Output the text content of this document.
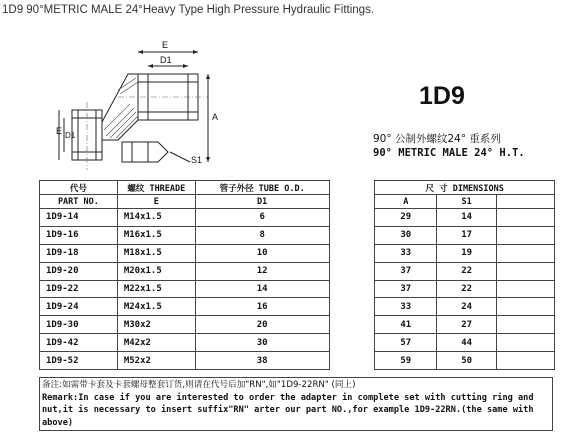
1D9 90°METRIC MALE 24°Heavy Type High Pressure Hydraulic Fittings.
E
D1
A
E D1
S1
1D9
90° 公制外螺纹24° 重系列
90° METRIC MALE 24° H.T.
代号	螺纹 THREADE	管子外径 TUBE O.D.		尺 寸 DIMENSIONS		
PART NO.	E	D1		A	S1	
1D9-14	M14x1.5	6		29	14	
1D9-16	M16x1.5	8		30	17	
1D9-18	M18x1.5	10		33	19	
1D9-20	M20x1.5	12		37	22	
1D9-22	M22x1.5	14		37	22	
1D9-24	M24x1.5	16		33	24	
1D9-30	M30x2	20		41	27	
1D9-42	M42x2	30		57	44	
1D9-52	M52x2	38		59	50	
备注:如需带卡套及卡套螺母整套订货,则请在代号后加"RN",如"1D9-22RN" (同上)
Remark:In case if you are interested to order the adapter in complete set with cutting ring and nut,it is necessary to insert suffix"RN" arter our part NO.,for example 1D9-22RN.(the same with above)
